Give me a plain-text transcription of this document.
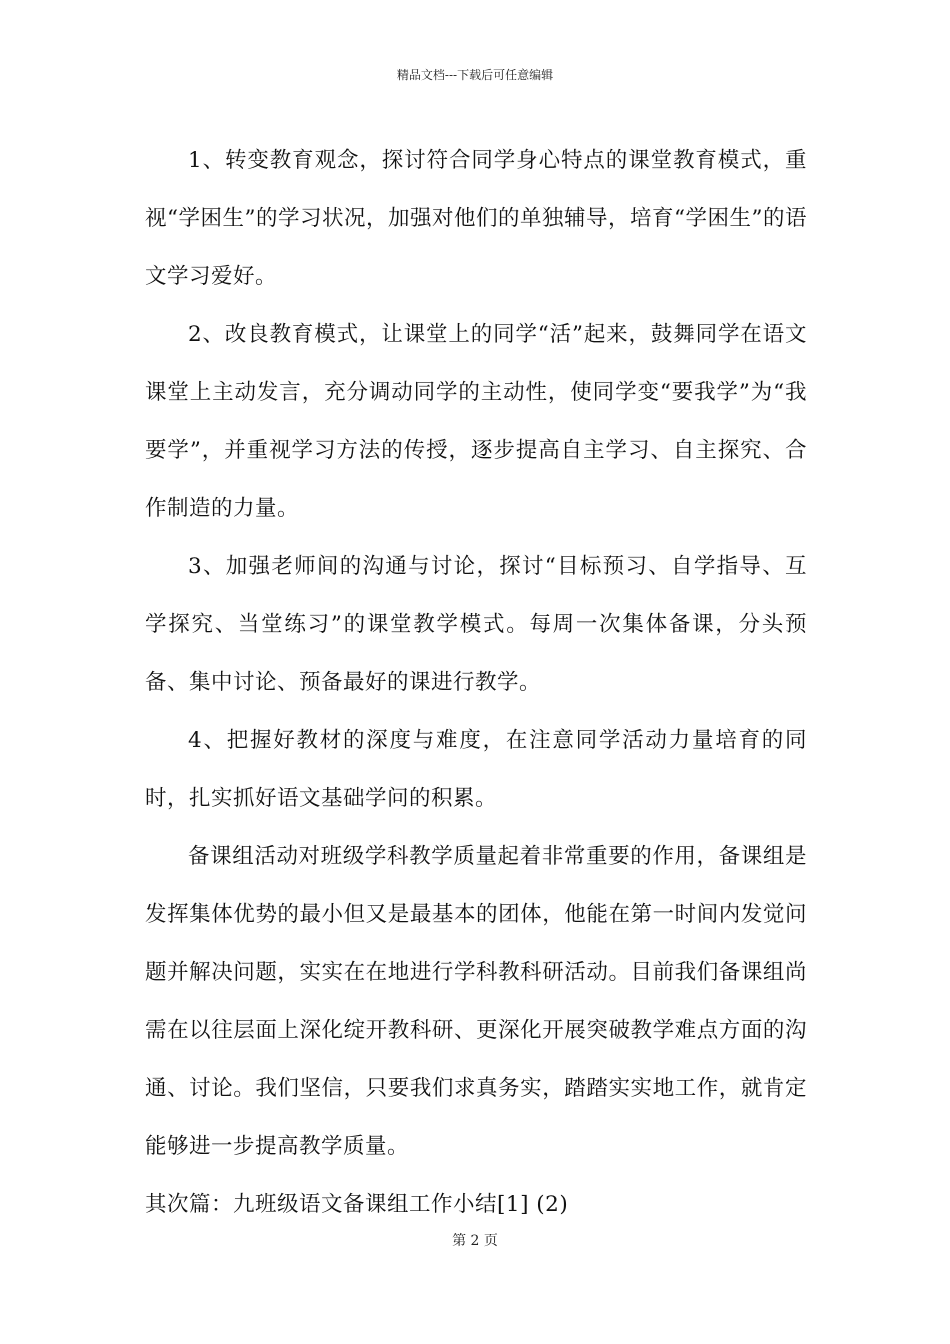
精品文档---下载后可任意编辑

1、转变教育观念，探讨符合同学身心特点的课堂教育模式，重视“学困生”的学习状况，加强对他们的单独辅导，培育“学困生”的语文学习爱好。

2、改良教育模式，让课堂上的同学“活”起来，鼓舞同学在语文课堂上主动发言，充分调动同学的主动性，使同学变“要我学”为“我要学”，并重视学习方法的传授，逐步提高自主学习、自主探究、合作制造的力量。

3、加强老师间的沟通与讨论，探讨“目标预习、自学指导、互学探究、当堂练习”的课堂教学模式。每周一次集体备课，分头预备、集中讨论、预备最好的课进行教学。

4、把握好教材的深度与难度，在注意同学活动力量培育的同时，扎实抓好语文基础学问的积累。

备课组活动对班级学科教学质量起着非常重要的作用，备课组是发挥集体优势的最小但又是最基本的团体，他能在第一时间内发觉问题并解决问题，实实在在地进行学科教科研活动。目前我们备课组尚需在以往层面上深化绽开教科研、更深化开展突破教学难点方面的沟通、讨论。我们坚信，只要我们求真务实，踏踏实实地工作，就肯定能够进一步提高教学质量。

其次篇：九班级语文备课组工作小结[1] (2)

第 2 页
